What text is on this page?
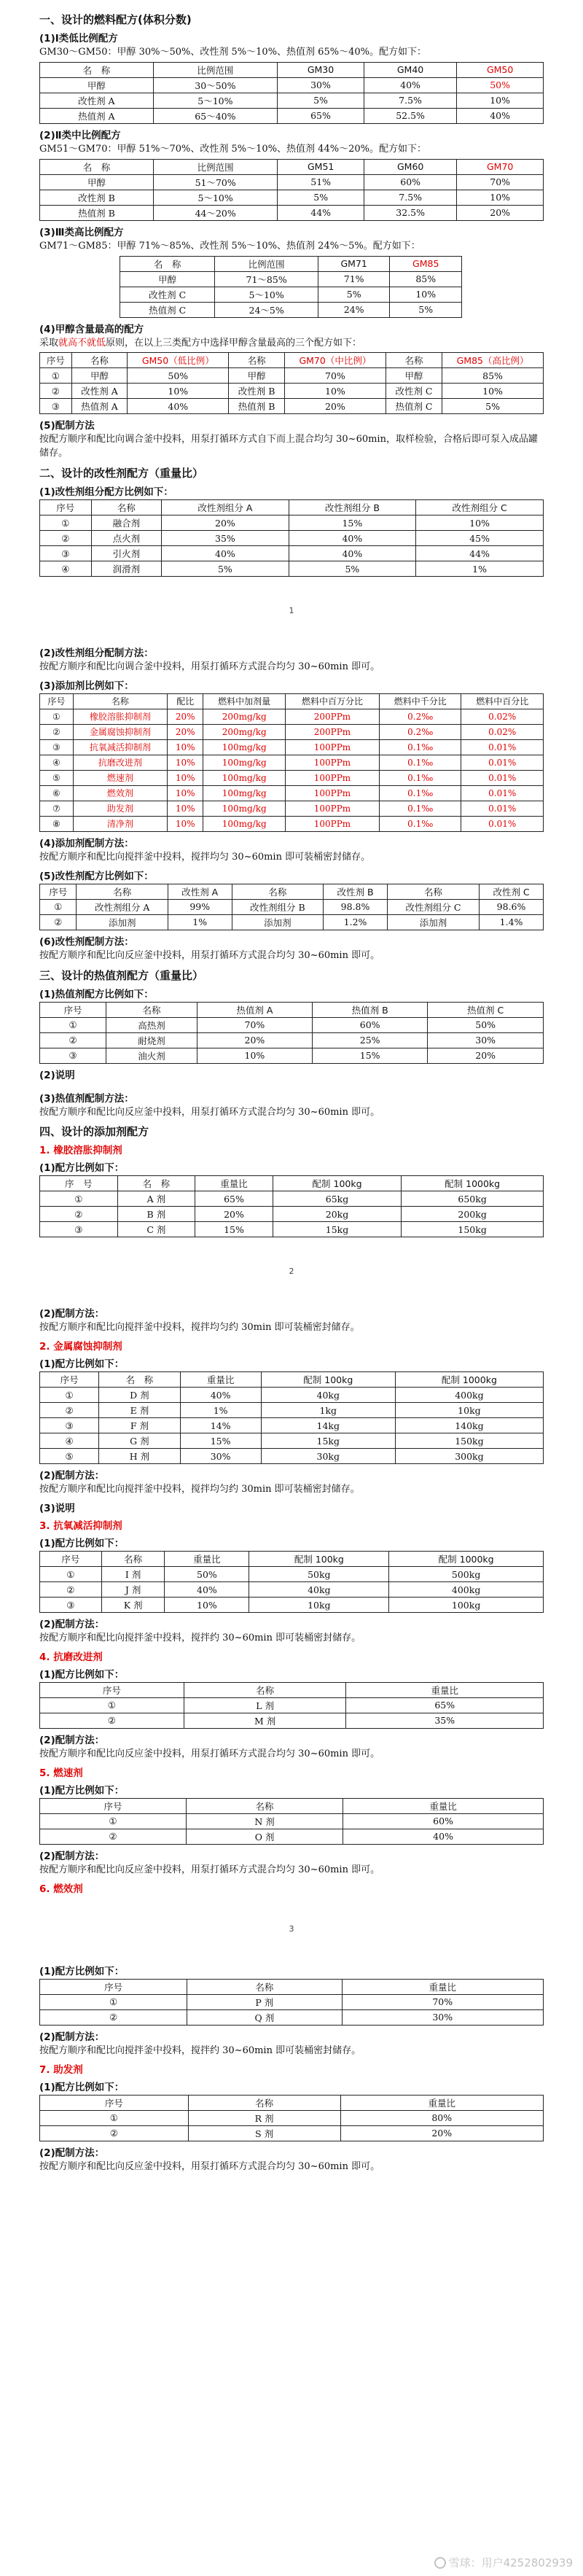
一、设计的燃料配方(体积分数)
(1)Ⅰ类低比例配方

GM30～GM50：甲醇 30%～50%、改性剂 5%～10%、热值剂 65%～40%。配方如下：

名　称	比例范围	GM30	GM40	GM50
甲醇	30～50%	30%	40%	50%
改性剂 A	5～10%	5%	7.5%	10%
热值剂 A	65～40%	65%	52.5%	40%
(2)Ⅱ类中比例配方

GM51～GM70：甲醇 51%～70%、改性剂 5%～10%、热值剂 44%～20%。配方如下：

名　称	比例范围	GM51	GM60	GM70
甲醇	51～70%	51%	60%	70%
改性剂 B	5～10%	5%	7.5%	10%
热值剂 B	44～20%	44%	32.5%	20%
(3)Ⅲ类高比例配方

GM71～GM85：甲醇 71%～85%、改性剂 5%～10%、热值剂 24%～5%。配方如下：

名　称	比例范围	GM71	GM85
甲醇	71～85%	71%	85%
改性剂 C	5～10%	5%	10%
热值剂 C	24～5%	24%	5%
(4)甲醇含量最高的配方

采取就高不就低原则，在以上三类配方中选择甲醇含量最高的三个配方如下：

序号	名称	GM50（低比例）	名称	GM70（中比例）	名称	GM85（高比例）
①	甲醇	50%	甲醇	70%	甲醇	85%
②	改性剂 A	10%	改性剂 B	10%	改性剂 C	10%
③	热值剂 A	40%	热值剂 B	20%	热值剂 C	5%
(5)配制方法

按配方顺序和配比向调合釜中投料，用泵打循环方式自下而上混合均匀 30~60min，取样检验，合格后即可泵入成品罐储存。

二、设计的改性剂配方（重量比）
(1)改性剂组分配方比例如下：
序号	名称	改性剂组分 A	改性剂组分 B	改性剂组分 C
①	融合剂	20%	15%	10%
②	点火剂	35%	40%	45%
③	引火剂	40%	40%	44%
④	润滑剂	5%	5%	1%
1
(2)改性剂组分配制方法：

按配方顺序和配比向调合釜中投料，用泵打循环方式混合均匀 30~60min 即可。

(3)添加剂比例如下：
序号	名称	配比	燃料中加剂量	燃料中百万分比	燃料中千分比	燃料中百分比
①	橡胶溶胀抑制剂	20%	200mg/kg	200PPm	0.2‰	0.02%
②	金属腐蚀抑制剂	20%	200mg/kg	200PPm	0.2‰	0.02%
③	抗氧减活抑制剂	10%	100mg/kg	100PPm	0.1‰	0.01%
④	抗磨改进剂	10%	100mg/kg	100PPm	0.1‰	0.01%
⑤	燃速剂	10%	100mg/kg	100PPm	0.1‰	0.01%
⑥	燃效剂	10%	100mg/kg	100PPm	0.1‰	0.01%
⑦	助发剂	10%	100mg/kg	100PPm	0.1‰	0.01%
⑧	清净剂	10%	100mg/kg	100PPm	0.1‰	0.01%
(4)添加剂配制方法：

按配方顺序和配比向搅拌釜中投料，搅拌均匀 30~60min 即可装桶密封储存。

(5)改性剂配方比例如下：
序号	名称	改性剂 A	名称	改性剂 B	名称	改性剂 C
①	改性剂组分 A	99%	改性剂组分 B	98.8%	改性剂组分 C	98.6%
②	添加剂	1%	添加剂	1.2%	添加剂	1.4%
(6)改性剂配制方法：

按配方顺序和配比向反应釜中投料，用泵打循环方式混合均匀 30~60min 即可。

三、设计的热值剂配方（重量比）
(1)热值剂配方比例如下：
序号	名称	热值剂 A	热值剂 B	热值剂 C
①	高热剂	70%	60%	50%
②	耐烧剂	20%	25%	30%
③	油火剂	10%	15%	20%
(2)说明
(3)热值剂配制方法：

按配方顺序和配比向反应釜中投料，用泵打循环方式混合均匀 30~60min 即可。

四、设计的添加剂配方
1. 橡胶溶胀抑制剂
(1)配方比例如下：
序　号	名　称	重量比	配制 100kg	配制 1000kg
①	A 剂	65%	65kg	650kg
②	B 剂	20%	20kg	200kg
③	C 剂	15%	15kg	150kg
2
(2)配制方法：

按配方顺序和配比向搅拌釜中投料，搅拌均匀约 30min 即可装桶密封储存。

2. 金属腐蚀抑制剂
(1)配方比例如下：
序号	名　称	重量比	配制 100kg	配制 1000kg
①	D 剂	40%	40kg	400kg
②	E 剂	1%	1kg	10kg
③	F 剂	14%	14kg	140kg
④	G 剂	15%	15kg	150kg
⑤	H 剂	30%	30kg	300kg
(2)配制方法：

按配方顺序和配比向搅拌釜中投料，搅拌均匀约 30min 即可装桶密封储存。

(3)说明
3. 抗氧减活抑制剂
(1)配方比例如下：
序号	名称	重量比	配制 100kg	配制 1000kg
①	I 剂	50%	50kg	500kg
②	J 剂	40%	40kg	400kg
③	K 剂	10%	10kg	100kg
(2)配制方法：

按配方顺序和配比向搅拌釜中投料，搅拌约 30~60min 即可装桶密封储存。

4. 抗磨改进剂
(1)配方比例如下：
序号	名称	重量比
①	L 剂	65%
②	M 剂	35%
(2)配制方法：

按配方顺序和配比向反应釜中投料，用泵打循环方式混合均匀 30~60min 即可。

5. 燃速剂
(1)配方比例如下：
序号	名称	重量比
①	N 剂	60%
②	O 剂	40%
(2)配制方法：

按配方顺序和配比向反应釜中投料，用泵打循环方式混合均匀 30~60min 即可。

6. 燃效剂
3
(1)配方比例如下：
序号	名称	重量比
①	P 剂	70%
②	Q 剂	30%
(2)配制方法：

按配方顺序和配比向搅拌釜中投料，搅拌约 30~60min 即可装桶密封储存。

7. 助发剂
(1)配方比例如下：
序号	名称	重量比
①	R 剂	80%
②	S 剂	20%
(2)配制方法：

按配方顺序和配比向反应釜中投料，用泵打循环方式混合均匀 30~60min 即可。

雪球：用户4252802939
